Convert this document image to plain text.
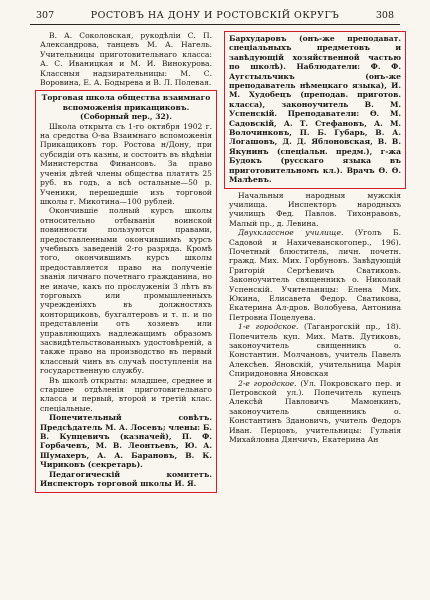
307	РОСТОВЪ НА ДОНУ И РОСТОВСКІЙ ОКРУГЪ	308

В. А. Соколовская, рукодѣліи С. П. Александрова, танцевъ М. А. Нагель. Учительницы приготовительнаго класса: А. С. Иваницкая и М. И. Винокурова. Классныя надзирательницы: М. С. Воровина, Е. А. Бодырева и В. Л. Полевая.

Торговая школа общества взаимнаго вспоможенія прикащиковъ. (Соборный пер., 32).

Школа открыта съ 1-го октября 1902 г. на средства О-ва Взаимнаго вспоможенія Прикащиковъ гор. Ростова н/Дону, при субсидіи отъ казны, и состоитъ въ вѣдѣніи Министерства Финансовъ. За право ученія дѣтей члены общества платятъ 25 руб. въ годъ, а всѣ остальные—50 р. Ученики, перешедшіе изъ торговой школы г. Микотина—100 рублей.

Окончившіе полный курсъ школы относительно отбыванія воинской повинности пользуются правами, предоставленными окончившимъ курсъ учебныхъ заведеній 2-го разряда. Кромѣ того, окончившимъ курсъ школы предоставляется право на полученіе званія личнаго почетнаго гражданина, но не иначе, какъ по прослуженіи 3 лѣтъ въ торговыхъ или промышленныхъ учрежденіяхъ въ должностяхъ конторщиковъ, бухгалтеровъ и т. п. и по представленіи отъ хозяевъ или управляющихъ надлежащимъ образомъ засвидѣтельствованныхъ удостовѣреній, а также право на производство въ первый классный чинъ въ случаѣ поступленія на государственную службу.

Въ школѣ открыты: младшее, среднее и старшее отдѣленія приготовительнаго класса и первый, второй и третій клас. спеціальные.

Попечительный совѣтъ. Предсѣдатель М. А. Лосевъ; члены: Б. В. Купцевичъ (казначей), П. Ф. Горбачевъ, М. В. Леонтьевъ, Ю. А. Шумахеръ, А. А. Барановъ, В. К. Чириковъ (секретарь).

Педагогическій комитетъ. Инспекторъ торговой школы И. Я.

Бархударовъ (онъ-же преподават. спеціальныхъ предметовъ и завѣдующій хозяйственной частью по школѣ). Наблюдатели: Ф. Ф. Аугстыльчикъ (онъ-же преподаватель нѣмецкаго языка), И. М. Худобецъ (преподав. приготов. класса), законоучитель В. М. Успенскій. Преподаватели: Ѳ. М. Садовскій, А. Т. Стефановъ, А. М. Волочинковъ, П. Б. Губарь, В. А. Логашовъ, Д. Д. Яблоновская, В. В. Якунинъ (спеціальн. предм.), г-жа Будокъ (русскаго языка въ приготовительномъ кл.). Врачъ Ѳ. Ѳ. Малѣевъ.

Начальныя народныя мужскія училища. Инспекторъ народныхъ училищъ Фед. Павлов. Тихонравовъ, Малый пр., д. Левина.

Двухклассное училище. (Уголъ Б. Садовой и Нахичеванскогопер., 196). Почетный блюститель, личн. почетн. гражд. Мих. Мих. Горбуновъ. Завѣдующій Григорій Сергѣевичъ Сватиковъ. Законоучитель священникъ о. Николай Успенскій. Учительницы: Елена Мих. Юкина, Елисавета Федор. Сватикова, Екатерина Ал-дров. Волобуева, Антонина Петровна Поцелуева.

1-е городское. (Таганрогскій пр., 18). Попечитель куп. Мих. Матв. Дутиковъ, законоучитель священникъ о. Константин. Молчановъ, учитель Павелъ Алексѣев. Яновскій, учительница Марія Спиридоновна Яновская

2-е городское. (Ул. Покровскаго пер. и Петровской ул.). Попечитель купецъ Алексѣй Павловичъ Мамонкинъ, законоучитель священникъ о. Константинъ Здановичъ, учитель Федоръ Иван. Перцовъ, учительницы: Гульнія Михайловна Дянчичъ, Екатерина Ан
